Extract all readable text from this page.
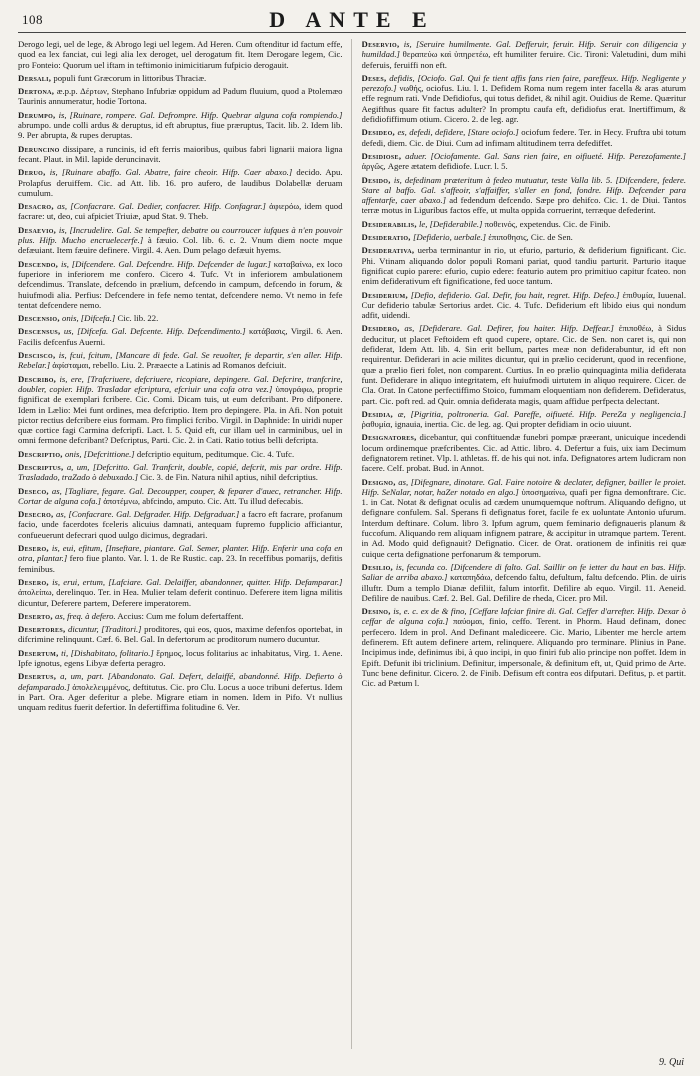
108	D ANTE E

Derogo legi, uel de lege, & Abrogo legi uel legem. Ad Heren. Cum oftenditur id factum effe, quod ea lex fanciat, cui legi alia lex deroget, uel derogatum fit. Item Derogare legem, Cic. pro Fonteio: Quorum uel iftam in teftimonio inimicitiarum fufpicio derogauit.

Dersali, populi funt Græcorum in littoribus Thraciæ.

Dertona, æ.p.p. Δέρτων, Stephano Infubriæ oppidum ad Padum fluuium, quod a Ptolemæo Taurinis annumeratur, hodie Tortona.

Derumpo, is, [Ruinare, rompere. Gal. Defrompre. Hifp. Quebrar alguna cofa rompiendo.] abrumpo. unde colli ardus & deruptus, id eft abruptus, fiue præruptus, Tacit. lib. 2. Idem lib. 9. Per abrupta, & rupes deruptas.

Deruncino dissipare, a runcinis, id eft ferris maioribus, quibus fabri lignarii maiora ligna fecant. Plaut. in Mil. lapide deruncinavit.

Deruo, is, [Ruinare abaffo. Gal. Abatre, faire cheoir. Hifp. Caer abaxo.] decido. Apu. Prolapfus deruiffem. Cic. ad Att. lib. 16. pro aufero, de laudibus Dolabellæ deruam cumulum.

Desacro, as, [Confacrare. Gal. Dedier, confacrer. Hifp. Confagrar.] ἀφιερόω, idem quod facrare: ut, deo, cui afpiciet Triuiæ, apud Stat. 9. Theb.

Desaevio, is, [Incrudelire. Gal. Se tempefter, debatre ou courroucer iufques à n'en pouvoir plus. Hifp. Mucho encruelecerfe.] à fæuio. Col. lib. 6. c. 2. Vnum diem nocte mque defæuiant. Item fæuire definere. Virgil. 4. Aen. Dum pelago defæuit hyems.

Descendo, is, [Difcendere. Gal. Defcendre. Hifp. Defcender de lugar.] καταβαίνω, ex loco fuperiore in inferiorem me confero. Cicero 4. Tufc. Vt in inferiorem ambulationem defcendimus. Translate, defcendo in prælium, defcendo in campum, defcendo in forum, & huiufmodi alia. Perfius: Defcendere in fefe nemo tentat, defcendere nemo. Vt nemo in fefe tentat defcendere nemo.

Descensio, onis, [Difcefa.] Cic. lib. 22.

Descensus, us, [Difcefa. Gal. Defcente. Hifp. Defcendimento.] κατάβασις, Virgil. 6. Aen. Facilis defcenfus Auerni.

Descisco, is, fcui, fcitum, [Mancare di fede. Gal. Se reuolter, fe departir, s'en aller. Hifp. Rebelar.] ἀφίσταμαι, rebello. Liu. 2. Præaecte a Latinis ad Romanos defciuit.

Describo, is, ere, [Trafcriuere, defcriuere, ricopiare, depingere. Gal. Defcrire, tranfcrire, doubler, copier. Hifp. Trasladar efcriptura, efcriuir una cofa otra vez.] ὑπογράφω, proprie fignificat de exemplari fcribere. Cic. Comi. Dicam tuis, ut eum defcribant. Pro difponere. Idem in Lælio: Mei funt ordines, mea defcriptio. Item pro depingere. Pla. in Afi. Non potuit pictor rectius defcribere eius formam. Pro fimplici fcribo. Virgil. in Daphnide: In uiridi nuper quæ cortice fagi Carmina defcripfi. Lact. l. 5. Quid eft, cur illam uel in carminibus, uel in omni fermone defcribant? Defcriptus, Parti. Cic. 2. in Cati. Ratio totius belli defcripta.

Descriptio, onis, [Defcrittione.] defcriptio equitum, peditumque. Cic. 4. Tufc.

Descriptus, a, um, [Defcritto. Gal. Tranfcrit, double, copié, defcrit, mis par ordre. Hifp. Trasladado, traZado ò debuxado.] Cic. 3. de Fin. Natura nihil aptius, nihil defcriptius.

Deseco, as, [Tagliare, fegare. Gal. Decoupper, couper, & feparer d'auec, retrancher. Hifp. Cortar de alguna cofa.] ἀποτέμνω, abfcindo, amputo. Cic. Att. Tu illud defecabis.

Desecro, as, [Confacrare. Gal. Defgrader. Hifp. Defgraduar.] a facro eft facrare, profanum facio, unde facerdotes fceleris alicuius damnati, antequam fupremo fupplicio afficiantur, confueuerunt defecrari quod uulgo dicimus, degradari.

Desero, is, eui, efitum, [Inseftare, piantare. Gal. Semer, planter. Hifp. Enferir una cofa en otra, plantar.] fero fiue planto. Var. l. 1. de Re Rustic. cap. 23. In receffibus pomarijs, defitis feminibus.

Desero, is, erui, ertum, [Lafciare. Gal. Delaiffer, abandonner, quitter. Hifp. Defamparar.] ἀπολείπω, derelinquo. Ter. in Hea. Mulier telam deferit continuo. Deferere item ligna militis dicuntur, Deferere partem, Deferere imperatorem.

Deserto, as, freq. à defero. Accius: Cum me folum defertaffent.

Desertores, dicuntur, [Traditori.] proditores, qui eos, quos, maxime defenfos oportebat, in difcrimine relinquunt. Cæf. 6. Bel. Gal. In defertorum ac proditorum numero ducuntur.

Desertum, ti, [Dishabitato, folitario.] ἔρημος, locus folitarius ac inhabitatus, Virg. 1. Aene. Ipfe ignotus, egens Libyæ deferta peragro.

Desertus, a, um, part. [Abandonato. Gal. Defert, delaiffé, abandonné. Hifp. Defierto ò defamparado.] ἀπολελειμμένος, deftitutus. Cic. pro Clu. Locus a uoce tribuni defertus. Idem in Part. Ora. Ager deferitur a plebe. Migrare etiam in nomen. Idem in Pifo. Vt nullius unquam reditus fuerit defertior. In defertiffima folitudine 6. Ver.

Deservio, is, [Seruire humilmente. Gal. Defferuir, feruir. Hifp. Seruir con diligencia y humildad.] θεραπεύω καὶ ὑπηρετέω, eft humiliter feruire. Cic. Tironi: Valetudini, dum mihi deferuis, feruiffi non eft.

Deses, defidis, [Ociofo. Gal. Qui fe tient affis fans rien faire, pareffeux. Hifp. Negligente y perezofo.] νωθής, ociofus. Liu. l. 1. Defidem Roma num regem inter facella & aras aturum effe regnum rati. Vnde Defidiofus, qui totus defidet, & nihil agit. Ouidius de Reme. Quæritur Aegifthus quare fit factus adulter? In promptu caufa eft, defidiofus erat. Inertiffimum, & defidiofiffimum otium. Cicero. 2. de leg. agr.

Desideo, es, defedi, defidere, [Stare ociofo.] ociofum federe. Ter. in Hecy. Fruftra ubi totum defedi, diem. Cic. de Diui. Cum ad infimam altitudinem terra defediffet.

Desidiose, aduer. [Ociofamente. Gal. Sans rien faire, en oifiueté. Hifp. Perezofamente.] ἀργῶς, Agere ætatem defidiofe. Lucr. l. 5.

Desido, is, defedinam præteritum à fedeo mutuatur, teste Valla lib. 5. [Difcendere, federe. Stare al baffo. Gal. s'affeoir, s'affaiffer, s'aller en fond, fondre. Hifp. Defcender para affentarfe, caer abaxo.] ad fedendum defcendo. Sæpe pro dehifco. Cic. 1. de Diui. Tantos terræ motus in Liguribus factos effe, ut multa oppida corruerint, terræque defederint.

Desiderabilis, le, [Defiderabile.] ποθεινός, expetendus. Cic. de Finib.

Desideratio, [Defiderio, uerbale.] ἐπιποθησις, Cic. de Sen.

Desiderativa, uerba terminantur in rio, ut efurio, parturio, & defiderium fignificant. Cic. Phi. Vtinam aliquando dolor populi Romani pariat, quod tandiu parturit. Parturio itaque fignificat cupio parere: efurio, cupio edere: featurio autem pro primitiuo capitur fcateo. non enim defiderativum eft fignificatione, fed uoce tantum.

Desiderium, [Defio, defiderio. Gal. Defir, fou hait, regret. Hifp. Defeo.] ἐπιθυμία, Iuuenal. Cur defiderio tabulæ Sertorius ardet. Cic. 4. Tufc. Defiderium eft libido eius qui nondum adfit, uidendi.

Desidero, as, [Defiderare. Gal. Defirer, fou haiter. Hifp. Deffear.] ἐπιποθέω, à Sidus deducitur, ut placet Feftoidem eft quod cupere, optare. Cic. de Sen. non caret is, qui non defiderat, Idem Att. lib. 4. Sin erit bellum, partes meæ non defiderabuntur, id eft non requirentur. Defiderari in acie milites dicuntur, qui in prælio ceciderunt, quod in recenfione, quæ a prælio fieri folet, non comparent. Curtius. In eo prælio quinquaginta milia defiderata funt. Defiderare in aliquo integritatem, eft huiufmodi uirtutem in aliquo requirere. Cicer. de Cla. Orat. In Catone perfectiffimo Stoico, fummam eloquentiam non defiderem. Defideratus, part. Cic. poft red. ad Quir. omnia defiderata magis, quam affidue perfpecta delectant.

Desidia, æ, [Pigritia, poltroneria. Gal. Pareffe, oifiueté. Hifp. PereZa y negligencia.] ῥαθυμία, ignauia, inertia. Cic. de leg. ag. Qui propter defidiam in ocio uiuunt.

Designatores, dicebantur, qui conftituendæ funebri pompæ præerant, unicuique incedendi locum ordinemque præfcribentes. Cic. ad Attic. libro. 4. Defertur a fuis, uix iam Decimum defignatorem retinet. Vlp. l. athletas. ff. de his qui not. infa. Defignatores artem ludicram non facere. Celf. probat. Bud. in Annot.

Designo, as, [Difegnare, dinotare. Gal. Faire notoire & declater, defigner, bailler le proiet. Hifp. SeNalar, notar, haZer notado en algo.] ὑποσημαίνω, quafi per figna demonftrare. Cic. 1. in Cat. Notat & defignat oculis ad cædem unumquemque noftrum. Aliquando defigno, ut defignare confulem. Sal. Sperans fi defignatus foret, facile fe ex uoluntate Antonio ufurum. Interdum deftinare. Colum. libro 3. Ipfum agrum, quem feminario defignaueris planum & fuccofum. Aliquando rem aliquam infignem patrare, & accipitur in utramque partem. Terent. in Ad. Modo quid defignauit? Defignatio. Cicer. de Orat. orationem de infinitis rei quæ cuique certa defignatione perfonarum & temporum.

Desilio, is, fecunda co. [Difcendere di falto. Gal. Saillir on fe ietter du haut en bas. Hifp. Saliar de arriba abaxo.] καταπηδάω, defcendo faltu, defultum, faltu defcendo. Plin. de uiris illuftr. Dum a templo Dianæ defiliit, falum intorfit. Defilire ab equo. Virgil. 11. Aeneid. Defilire de nauibus. Cæf. 2. Bel. Gal. Defilire de rheda, Cicer. pro Mil.

Desino, is, e. c. ex de & fino, [Ceffare lafciar finire di. Gal. Ceffer d'arrefter. Hifp. Dexar ò ceffar de alguna cofa.] παύομαι, finio, ceffo. Terent. in Phorm. Haud definam, donec perfecero. Idem in prol. And Definant malediceere. Cic. Mario, Libenter me hercle artem definerem. Eft autem definere artem, relinquere. Aliquando pro terminare. Plinius in Pane. Incipimus inde, definimus ibi, à quo incipi, in quo finiri fub alio principe non poffet. Idem in Epift. Defunit ibi triclinium. Definitur, impersonale, & definitum eft, ut, Quid primo de Arte. Tunc bene definitur. Cicero. 2. de Finib. Defisum eft contra eos difputari. Defitus, p. et partit. Cic. ad Pætum l.

9. Qui
